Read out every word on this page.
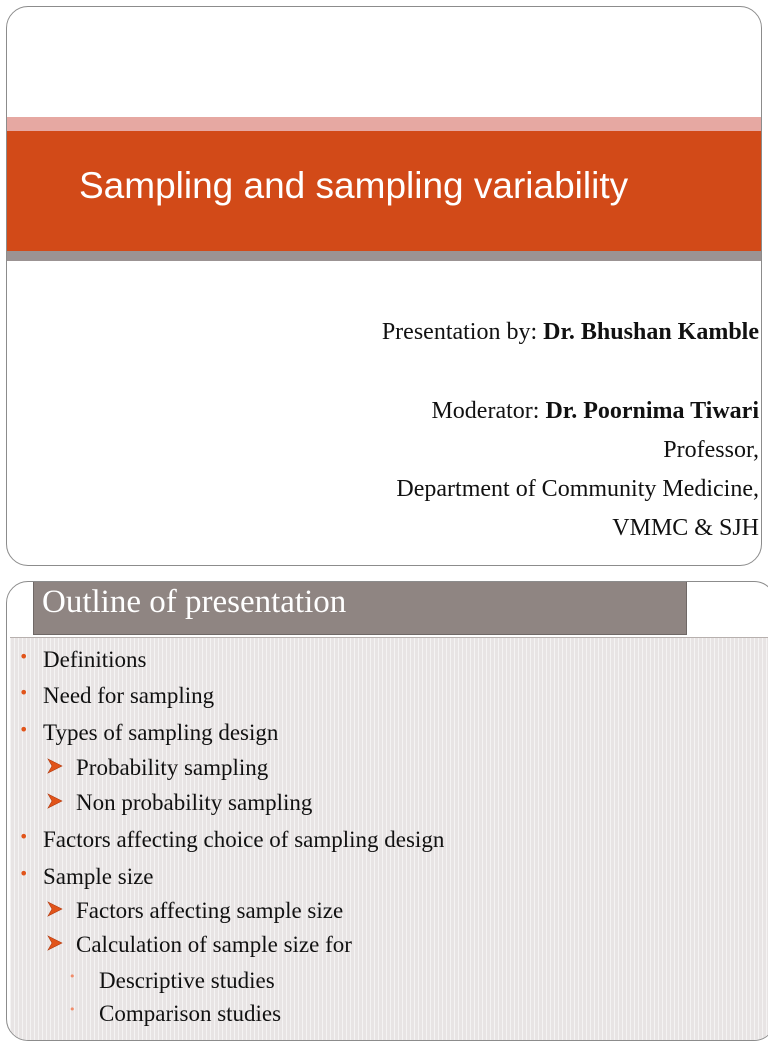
Sampling and sampling variability
Presentation by: Dr. Bhushan Kamble
Moderator: Dr. Poornima Tiwari
Professor,
Department of Community Medicine,
VMMC & SJH
Outline of presentation
• Definitions
• Need for sampling
• Types of sampling design
Probability sampling
Non probability sampling
• Factors affecting choice of sampling design
• Sample size
Factors affecting sample size
Calculation of sample size for
• Descriptive studies
• Comparison studies
